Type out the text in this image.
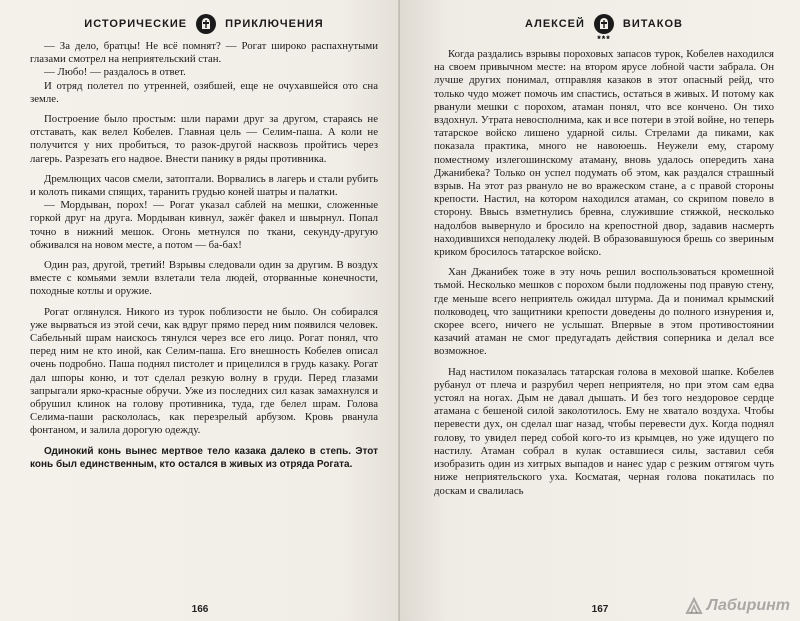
ИСТОРИЧЕСКИЕ	ПРИКЛЮЧЕНИЯ

— За дело, братцы! Не всё помнят? — Рогат широко распахнутыми глазами смотрел на неприятельский стан.

— Любо! — раздалось в ответ.

И отряд полетел по утренней, озябшей, еще не очухавшейся ото сна земле.

Построение было простым: шли парами друг за другом, стараясь не отставать, как велел Кобелев. Главная цель — Селим-паша. А коли не получится у них пробиться, то разок-другой насквозь пройтись через лагерь. Разрезать его надвое. Внести панику в ряды противника.

Дремлющих часов смели, затоптали. Ворвались в лагерь и стали рубить и колоть пиками спящих, таранить грудью коней шатры и палатки.

— Мордыван, порох! — Рогат указал саблей на мешки, сложенные горкой друг на друга. Мордыван кивнул, зажёг факел и швырнул. Попал точно в нижний мешок. Огонь метнулся по ткани, секунду-другую обживался на новом месте, а потом — ба-бах!

Один раз, другой, третий! Взрывы следовали один за другим. В воздух вместе с комьями земли взлетали тела людей, оторванные конечности, походные котлы и оружие.

Рогат оглянулся. Никого из турок поблизости не было. Он собирался уже вырваться из этой сечи, как вдруг прямо перед ним появился человек. Сабельный шрам наискось тянулся через все его лицо. Рогат понял, что перед ним не кто иной, как Селим-паша. Его внешность Кобелев описал очень подробно. Паша поднял пистолет и прицелился в грудь казаку. Рогат дал шпоры коню, и тот сделал резкую волну в груди. Перед глазами запрыгали ярко-красные обручи. Уже из последних сил казак замахнулся и обрушил клинок на голову противника, туда, где белел шрам. Голова Селима-паши раскололась, как перезрелый арбузом. Кровь рванула фонтаном, и залила дорогую одежду.

Одинокий конь вынес мертвое тело казака далеко в степь. Этот конь был единственным, кто остался в живых из отряда Рогата.

166
АЛЕКСЕЙ	ВИТАКОВ
***

Когда раздались взрывы пороховых запасов турок, Кобелев находился на своем привычном месте: на втором ярусе лобной части забрала. Он лучше других понимал, отправляя казаков в этот опасный рейд, что только чудо может помочь им спастись, остаться в живых. И потому как рванули мешки с порохом, атаман понял, что все кончено. Он тихо вздохнул. Утрата невосполнима, как и все потери в этой войне, но теперь татарское войско лишено ударной силы. Стрелами да пиками, как показала практика, много не навоюешь. Неужели ему, старому поместному излегошинскому атаману, вновь удалось опередить хана Джанибека? Только он успел подумать об этом, как раздался страшный взрыв. На этот раз рвануло не во вражеском стане, а с правой стороны крепости. Настил, на котором находился атаман, со скрипом повело в сторону. Ввысь взметнулись бревна, служившие стяжкой, несколько надолбов вывернуло и бросило на крепостной двор, задавив насмерть находившихся неподалеку людей. В образовавшуюся брешь со звериным криком бросилось татарское войско.

Хан Джанибек тоже в эту ночь решил воспользоваться кромешной тьмой. Несколько мешков с порохом были подложены под правую стену, где меньше всего неприятель ожидал штурма. Да и понимал крымский полководец, что защитники крепости доведены до полного изнурения и, скорее всего, ничего не услышат. Впервые в этом противостоянии казачий атаман не смог предугадать действия соперника и делал все возможное.

Над настилом показалась татарская голова в меховой шапке. Кобелев рубанул от плеча и разрубил череп неприятеля, но при этом сам едва устоял на ногах. Дым не давал дышать. И без того нездоровое сердце атамана с бешеной силой заколотилось. Ему не хватало воздуха. Чтобы перевести дух, он сделал шаг назад, чтобы перевести дух. Когда поднял голову, то увидел перед собой кого-то из крымцев, но уже идущего по настилу. Атаман собрал в кулак оставшиеся силы, заставил себя изобразить один из хитрых выпадов и нанес удар с резким оттягом чуть ниже неприятельского уха. Косматая, черная голова покатилась по доскам и свалилась

167	Лабиринт
